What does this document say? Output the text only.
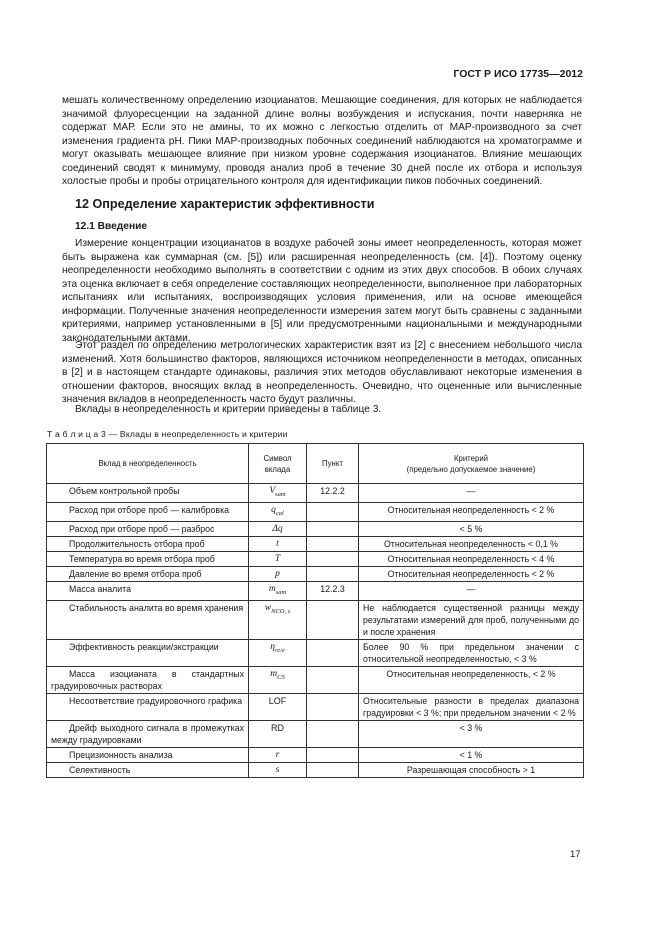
ГОСТ Р ИСО 17735—2012

мешать количественному определению изоцианатов. Мешающие соединения, для которых не наблюдается значимой флуоресценции на заданной длине волны возбуждения и испускания, почти наверняка не содержат МАР. Если это не амины, то их можно с легкостью отделить от МАР-производного за счет изменения градиента pH. Пики МАР-производных побочных соединений наблюдаются на хроматограмме и могут оказывать мешающее влияние при низком уровне содержания изоцианатов. Влияние мешающих соединений сводят к минимуму, проводя анализ проб в течение 30 дней после их отбора и используя холостые пробы и пробы отрицательного контроля для идентификации пиков побочных соединений.

12 Определение характеристик эффективности
12.1 Введение

Измерение концентрации изоцианатов в воздухе рабочей зоны имеет неопределенность, которая может быть выражена как суммарная (см. [5]) или расширенная неопределенность (см. [4]). Поэтому оценку неопределенности необходимо выполнять в соответствии с одним из этих двух способов. В обоих случаях эта оценка включает в себя определение составляющих неопределенности, выполненное при лабораторных испытаниях или испытаниях, воспроизводящих условия применения, или на основе имеющейся информации. Полученные значения неопределенности измерения затем могут быть сравнены с заданными критериями, например установленными в [5] или предусмотренными национальными и международными законодательными актами.

Этот раздел по определению метрологических характеристик взят из [2] с внесением небольшого числа изменений. Хотя большинство факторов, являющихся источником неопределенности в методах, описанных в [2] и в настоящем стандарте одинаковы, различия этих методов обуславливают некоторые изменения в отношении факторов, вносящих вклад в неопределенность. Очевидно, что оцененные или вычисленные значения вкладов в неопределенность часто будут различны.

Вклады в неопределенность и критерии приведены в таблице 3.

Т а б л и ц а 3 — Вклады в неопределенность и критерии

Вклад в неопределенность	Символ вклада	Пункт	Критерий
(предельно допускаемое значение)
Объем контрольной пробы	$V_{sam}$	12.2.2	—
Расход при отборе проб — калибровка	$q_{cal}$		Относительная неопределенность < 2 %
Расход при отборе проб — разброс	Δq		< 5 %
Продолжительность отбора проб	t		Относительная неопределенность < 0,1 %
Температура во время отбора проб	T		Относительная неопределенность < 4 %
Давление во время отбора проб	p		Относительная неопределенность < 2 %
Масса аналита	$m_{sam}$	12.2.3	—
Стабильность аналита во время хранения	$w_{NCO, s}$		Не наблюдается существенной разницы между результатами измерений для проб, полученными до и после хранения
Эффективность реакции/экстракции	$\eta_{re/e}$		Более 90 % при предельном значении с относительной неопределенностью, < 3 %
Масса изоцианата в стандартных градуировочных растворах	$m_{CS}$		Относительная неопределенность, < 2 %
Несоответствие градуировочного графика	LOF		Относительные разности в пределах диапазона градуировки < 3 %; при предельном значении < 2 %
Дрейф выходного сигнала в промежутках между градуировками	RD		< 3 %
Прецизионность анализа	r		< 1 %
Селективность	s		Разрешающая способность > 1
17
